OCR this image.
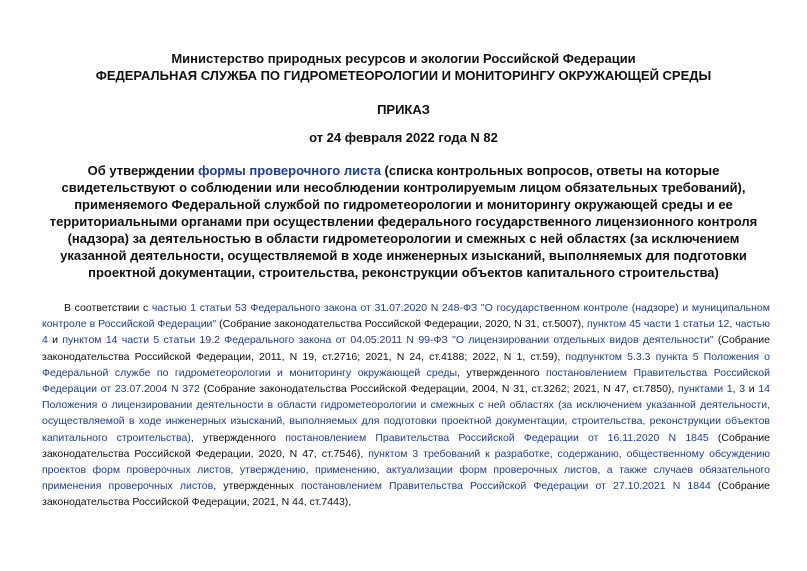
Министерство природных ресурсов и экологии Российской Федерации
ФЕДЕРАЛЬНАЯ СЛУЖБА ПО ГИДРОМЕТЕОРОЛОГИИ И МОНИТОРИНГУ ОКРУЖАЮЩЕЙ СРЕДЫ
ПРИКАЗ
от 24 февраля 2022 года N 82

Об утверждении формы проверочного листа (списка контрольных вопросов, ответы на которые свидетельствуют о соблюдении или несоблюдении контролируемым лицом обязательных требований), применяемого Федеральной службой по гидрометеорологии и мониторингу окружающей среды и ее территориальными органами при осуществлении федерального государственного лицензионного контроля (надзора) за деятельностью в области гидрометеорологии и смежных с ней областях (за исключением указанной деятельности, осуществляемой в ходе инженерных изысканий, выполняемых для подготовки проектной документации, строительства, реконструкции объектов капитального строительства)

В соответствии с частью 1 статьи 53 Федерального закона от 31.07.2020 N 248-ФЗ "О государственном контроле (надзоре) и муниципальном контроле в Российской Федерации" (Собрание законодательства Российской Федерации, 2020, N 31, ст.5007), пунктом 45 части 1 статьи 12, частью 4 и пунктом 14 части 5 статьи 19.2 Федерального закона от 04.05.2011 N 99-ФЗ "О лицензировании отдельных видов деятельности" (Собрание законодательства Российской Федерации, 2011, N 19, ст.2716; 2021, N 24, ст.4188; 2022, N 1, ст.59), подпунктом 5.3.3 пункта 5 Положения о Федеральной службе по гидрометеорологии и мониторингу окружающей среды, утвержденного постановлением Правительства Российской Федерации от 23.07.2004 N 372 (Собрание законодательства Российской Федерации, 2004, N 31, ст.3262; 2021, N 47, ст.7850), пунктами 1, 3 и 14 Положения о лицензировании деятельности в области гидрометеорологии и смежных с ней областях (за исключением указанной деятельности, осуществляемой в ходе инженерных изысканий, выполняемых для подготовки проектной документации, строительства, реконструкции объектов капитального строительства), утвержденного постановлением Правительства Российской Федерации от 16.11.2020 N 1845 (Собрание законодательства Российской Федерации, 2020, N 47, ст.7546), пунктом 3 требований к разработке, содержанию, общественному обсуждению проектов форм проверочных листов, утверждению, применению, актуализации форм проверочных листов, а также случаев обязательного применения проверочных листов, утвержденных постановлением Правительства Российской Федерации от 27.10.2021 N 1844 (Собрание законодательства Российской Федерации, 2021, N 44, ст.7443),
